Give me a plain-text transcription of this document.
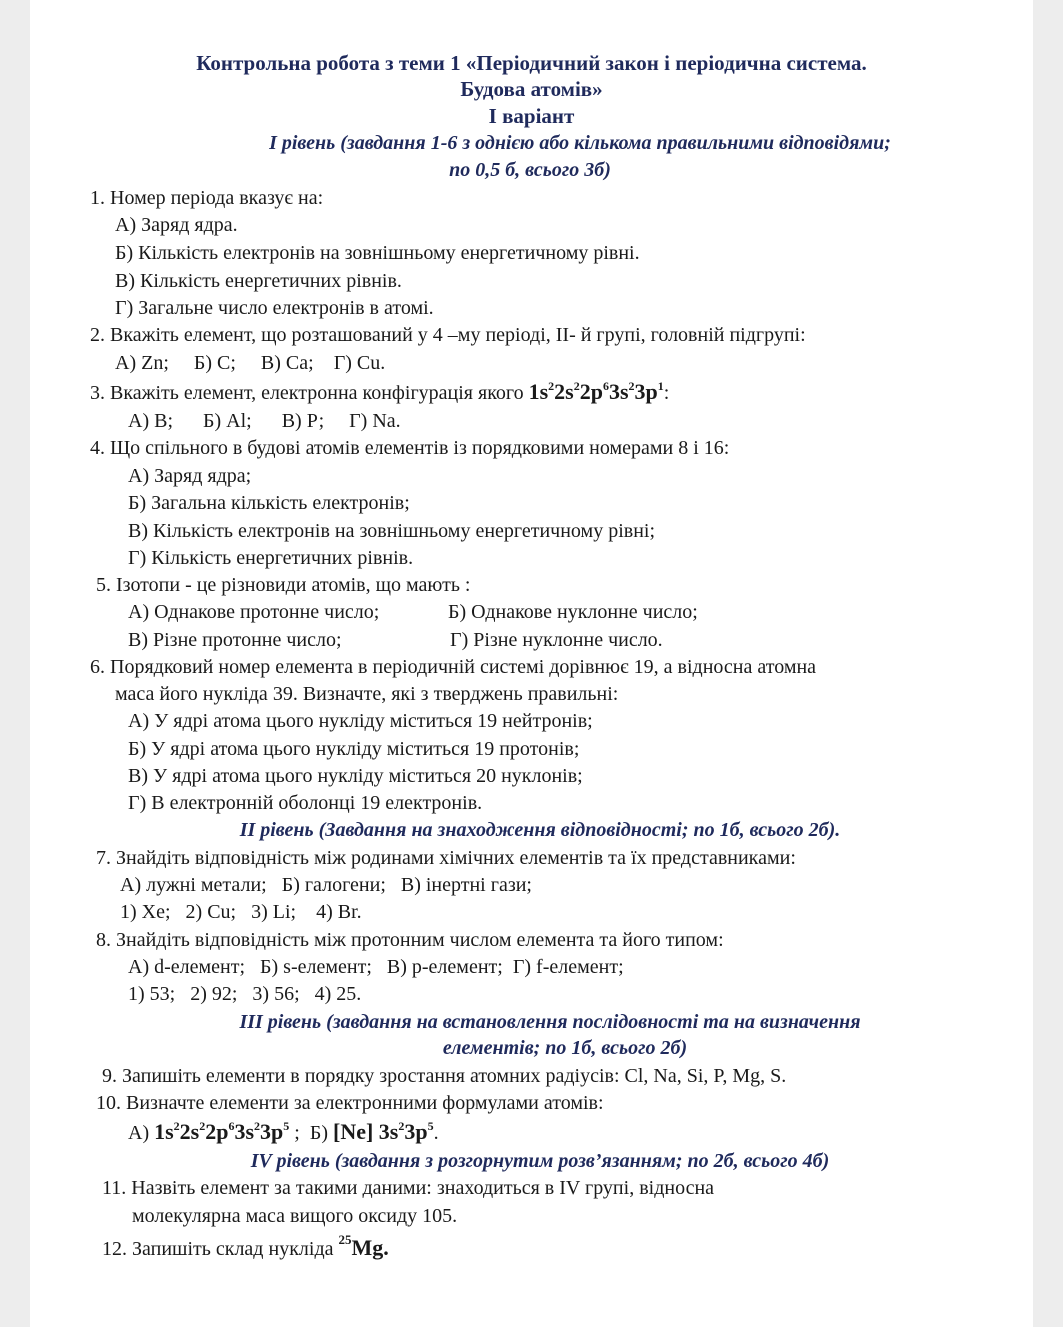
Контрольна робота з теми 1 «Періодичний закон і періодична система.
Будова атомів»
І варіант
І рівень (завдання 1-6 з однією або кількома правильними відповідями;
по 0,5 б, всього 3б)
1. Номер періода вказує на:
А) Заряд ядра.
Б) Кількість електронів на зовнішньому енергетичному рівні.
В) Кількість енергетичних рівнів.
Г) Загальне число електронів в атомі.
2. Вкажіть елемент, що розташований у 4 –му періоді, ІІ- й групі, головній підгрупі:
А) Zn;     Б) С;     В) Са;    Г) Cu.
3. Вкажіть елемент, електронна конфігурація якого $1s^22s^22p^63s^23p^1$:
А) В;      Б) Al;      В) Р;     Г) Na.
4. Що спільного в будові атомів елементів із порядковими номерами 8 і 16:
А) Заряд ядра;
Б) Загальна кількість електронів;
В) Кількість електронів на зовнішньому енергетичному рівні;
Г) Кількість енергетичних рівнів.
5. Ізотопи - це різновиди атомів, що мають :
А) Однакове протонне число;	Б) Однакове нуклонне число;
В) Різне протонне число;	Г) Різне нуклонне число.
6. Порядковий номер елемента в періодичній системі дорівнює 19, а відносна атомна
маса його нукліда 39. Визначте, які з тверджень правильні:
А) У ядрі атома цього нукліду міститься 19 нейтронів;
Б) У ядрі атома цього нукліду міститься 19 протонів;
В) У ядрі атома цього нукліду міститься 20 нуклонів;
Г) В електронній оболонці 19 електронів.
ІІ рівень (Завдання на знаходження відповідності; по 1б, всього 2б).
7. Знайдіть відповідність між родинами хімічних елементів та їх представниками:
А) лужні метали;   Б) галогени;   В) інертні гази;
1) Xe;   2) Cu;   3) Li;    4) Br.
8. Знайдіть відповідність між протонним числом елемента та його типом:
А) d-елемент;   Б) s-елемент;   В) р-елемент;  Г) f-елемент;
1) 53;   2) 92;   3) 56;   4) 25.
ІІІ рівень (завдання на встановлення послідовності та на визначення
елементів; по 1б, всього 2б)
9. Запишіть елементи в порядку зростання атомних радіусів: Cl, Na, Si, P, Mg, S.
10. Визначте елементи за електронними формулами атомів:
А) $1s^22s^22p^63s^23p^5$ ;  Б) [Ne] $3s^23p^5$.
ІV рівень (завдання з розгорнутим розв’язанням; по 2б, всього 4б)
11. Назвіть елемент за такими даними: знаходиться в ІV групі, відносна
молекулярна маса вищого оксиду 105.
12. Запишіть склад нукліда $^{25}$Mg.
